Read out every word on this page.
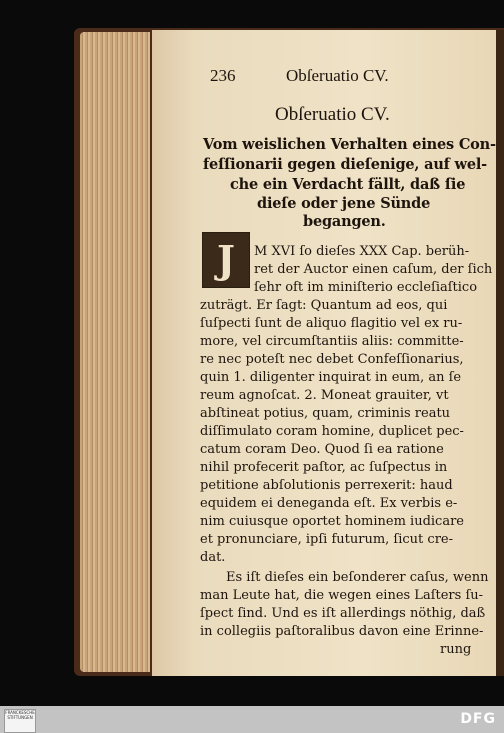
236	Obſeruatio CV.
Obſeruatio CV.
Vom weislichen Verhalten eines Con-
feſſionarii gegen dieſenige, auf wel-
che ein Verdacht fällt, daß ſie
dieſe oder jene Sünde
begangen.
J	M XVI ſo dieſes XXX Cap. berüh-
ret der Auctor einen caſum, der ſich
ſehr oft im miniſterio eccleſiaſtico
zuträgt. Er ſagt: Quantum ad eos, qui
ſuſpecti ſunt de aliquo flagitio vel ex ru-
more, vel circumſtantiis aliis: committe-
re nec poteſt nec debet Confeſſionarius,
quin 1. diligenter inquirat in eum, an ſe
reum agnoſcat. 2. Moneat grauiter, vt
abſtineat potius, quam, criminis reatu
diſſimulato coram homine, duplicet pec-
catum coram Deo. Quod ſi ea ratione
nihil profecerit paſtor, ac ſuſpectus in
petitione abſolutionis perrexerit: haud
equidem ei deneganda eſt. Ex verbis e-
nim cuiusque oportet hominem iudicare
et pronunciare, ipſi futurum, ſicut cre-
dat.
Es iſt dieſes ein beſonderer caſus, wenn
man Leute hat, die wegen eines Laſters ſu-
ſpect ſind. Und es iſt allerdings nöthig, daß
in collegiis paſtoralibus davon eine Erinne-
rung
FRANCKESCHE STIFTUNGEN	DFG
